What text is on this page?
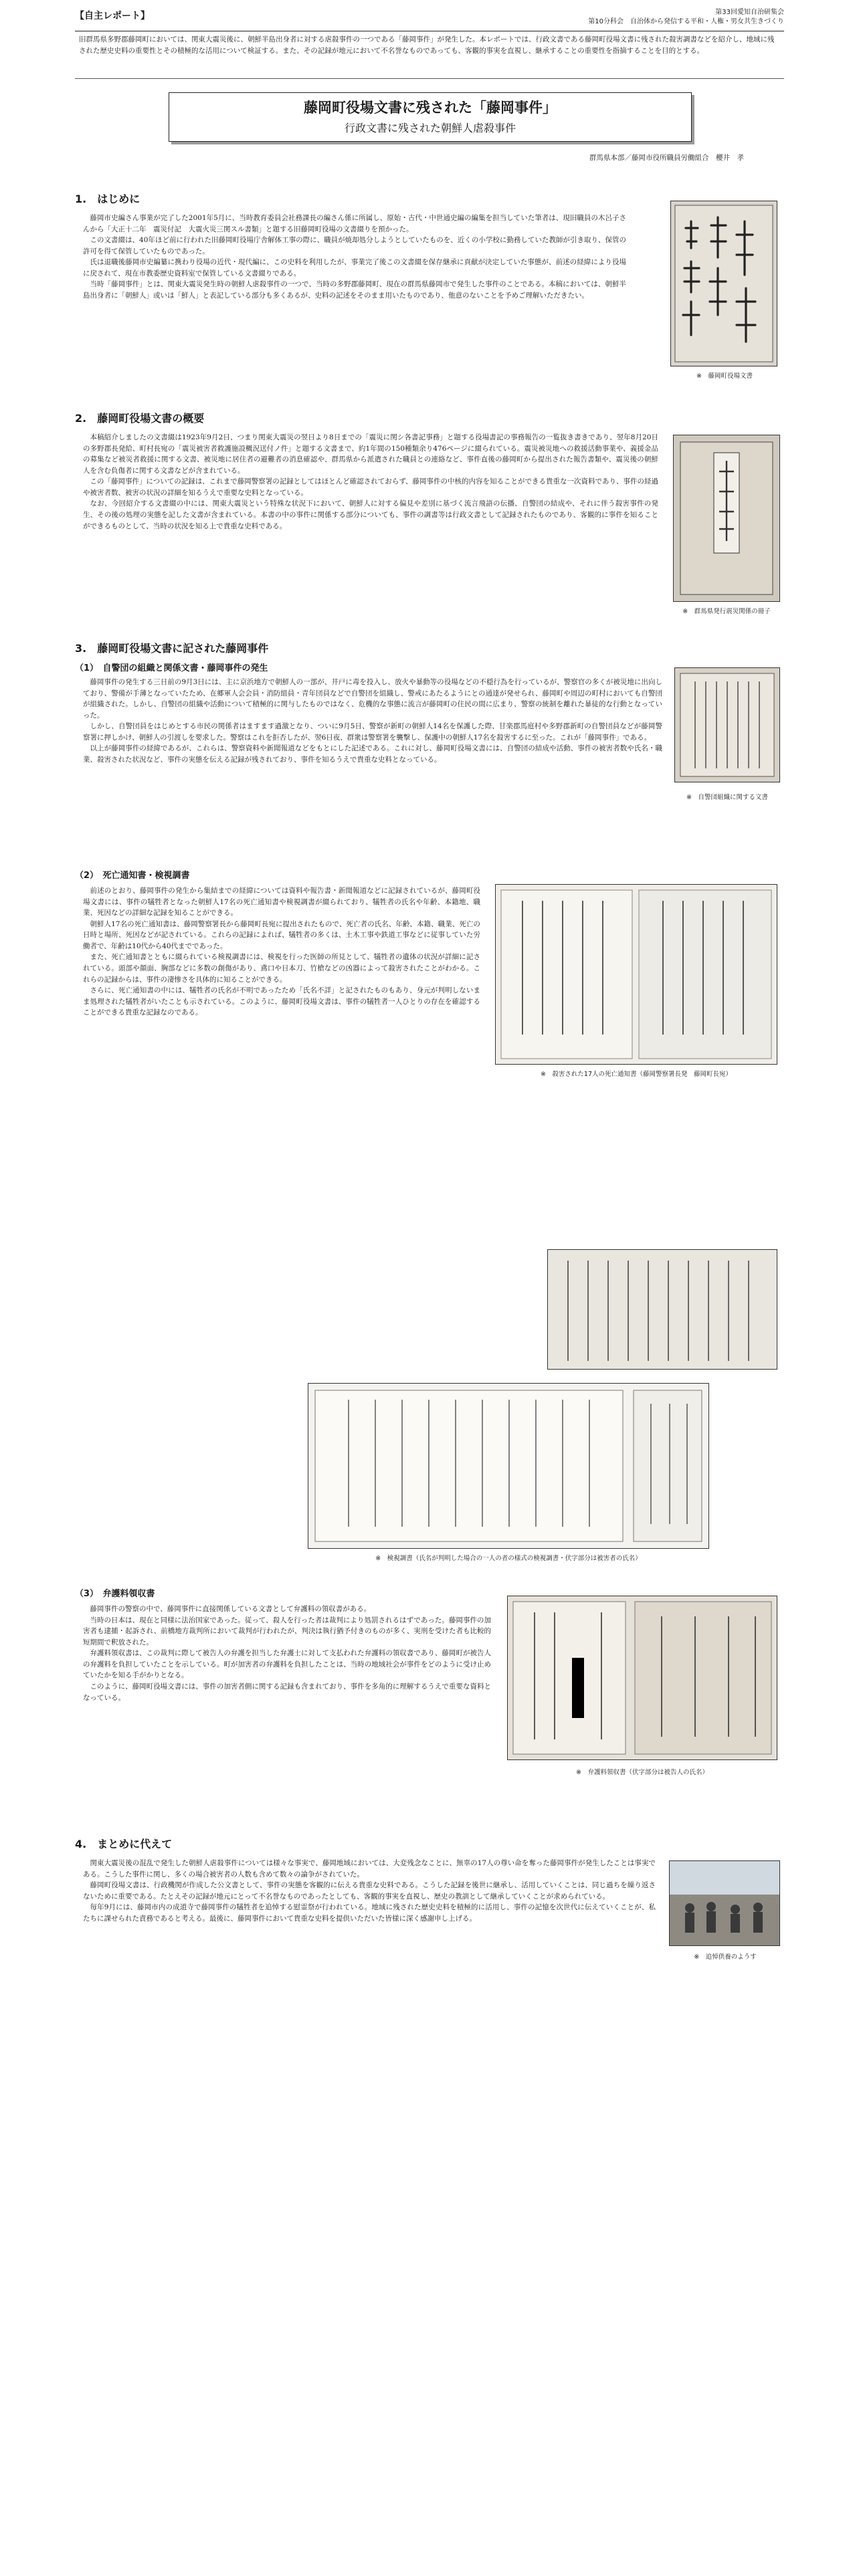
【自主レポート】	第33回愛知自治研集会
第10分科会　自治体から発信する平和・人権・男女共生きづくり
旧群馬県多野郡藤岡町においては、関東大震災後に、朝鮮半島出身者に対する虐殺事件の一つである「藤岡事件」が発生した。本レポートでは、行政文書である藤岡町役場文書に残された殺害調書などを紹介し、地域に残された歴史史料の重要性とその積極的な活用について検証する。また、その記録が地元において不名誉なものであっても、客観的事実を直視し、継承することの重要性を指摘することを目的とする。
藤岡町役場文書に残された「藤岡事件」
行政文書に残された朝鮮人虐殺事件
群馬県本部／藤岡市役所職員労働組合　櫻井　孝
1.　はじめに

藤岡市史編さん事業が完了した2001年5月に、当時教育委員会社務課長の編さん係に所属し、原始・古代・中世通史編の編集を担当していた筆者は、現旧職員の木呂子さんから「大正十二年　震災付記　大震火災三関スル書類」と題する旧藤岡町役場の文書綴りを預かった。

この文書綴は、40年ほど前に行われた旧藤岡町役場庁舎解体工事の際に、職員が焼却処分しようとしていたものを、近くの小学校に勤務していた教師が引き取り、保管の許可を得て保管していたものであった。

氏は退職後藤岡市史編纂に携わり役場の近代・現代編に、この史料を利用したが、事業完了後この文書綴を保存継承に貢献が決定していた事態が、前述の経緯により役場に戻されて、現在市教委歴史資料室で保管している文書綴りである。

当時「藤岡事件」とは、関東大震災発生時の朝鮮人虐殺事件の一つで、当時の多野郡藤岡町、現在の群馬県藤岡市で発生した事件のことである。本稿においては、朝鮮半島出身者に「朝鮮人」或いは「鮮人」と表記している部分も多くあるが、史料の記述をそのまま用いたものであり、他意のないことを予めご理解いただきたい。

※　藤岡町役場文書
2.　藤岡町役場文書の概要

本稿紹介しましたの文書綴は1923年9月2日、つまり関東大震災の翌日より8日までの「震災に関シ各書記事務」と題する役場書記の事務報告の一覧抜き書きであり、翌年8月20日の多野郡長発給、町村長宛の「震災被害者救護施設概況送付ノ件」と題する文書まで、約1年間の150種類余り476ページに綴られている。震災被災地への救援活動事業や、義援金品の募集など被災者救援に関する文書、被災地に居住者の避難者の消息確認や、群馬県から派遣された職員との連絡など、事件直後の藤岡町から提出された報告書類や、震災後の朝鮮人を含む負傷者に関する文書などが含まれている。

この「藤岡事件」についての記録は、これまで藤岡警察署の記録としてはほとんど確認されておらず、藤岡事件の中核的内容を知ることができる貴重な一次資料であり、事件の経過や被害者数、被害の状況の詳細を知るうえで重要な史料となっている。

なお、今回紹介する文書綴の中には、関東大震災という特殊な状況下において、朝鮮人に対する偏見や差別に基づく流言飛語の伝播、自警団の結成や、それに伴う殺害事件の発生、その後の処理の実態を記した文書が含まれている。本書の中の事件に関係する部分についても、事件の調書等は行政文書として記録されたものであり、客観的に事件を知ることができるものとして、当時の状況を知る上で貴重な史料である。

※　群馬県発行震災関係の冊子
3.　藤岡町役場文書に記された藤岡事件
（1）　自警団の組織と関係文書・藤岡事件の発生

藤岡事件の発生する三日前の9月3日には、主に京浜地方で朝鮮人の一部が、井戸に毒を投入し、放火や暴動等の役場などの不穏行為を行っているが、警察官の多くが被災地に出向しており、警備が手薄となっていたため、在郷軍人会会員・消防組員・青年団員などで自警団を組織し、警戒にあたるようにとの通達が発せられ、藤岡町や周辺の町村においても自警団が組織された。しかし、自警団の組織や活動について積極的に関与したものではなく、危機的な事態に流言が藤岡町の住民の間に広まり、警察の統制を離れた暴徒的な行動となっていった。

しかし、自警団員をはじめとする市民の関係者はますます過激となり、ついに9月5日、警察が新町の朝鮮人14名を保護した際、甘楽郡馬庭村や多野郡新町の自警団員などが藤岡警察署に押しかけ、朝鮮人の引渡しを要求した。警察はこれを拒否したが、翌6日夜、群衆は警察署を襲撃し、保護中の朝鮮人17名を殺害するに至った。これが「藤岡事件」である。

以上が藤岡事件の経緯であるが、これらは、警察資料や新聞報道などをもとにした記述である。これに対し、藤岡町役場文書には、自警団の結成や活動、事件の被害者数や氏名・職業、殺害された状況など、事件の実態を伝える記録が残されており、事件を知るうえで貴重な史料となっている。

※　自警団組織に関する文書
（2）　死亡通知書・検視調書

前述のとおり、藤岡事件の発生から集結までの経緯については資料や報告書・新聞報道などに記録されているが、藤岡町役場文書には、事件の犠牲者となった朝鮮人17名の死亡通知書や検視調書が綴られており、犠牲者の氏名や年齢、本籍地、職業、死因などの詳細な記録を知ることができる。

朝鮮人17名の死亡通知書は、藤岡警察署長から藤岡町長宛に提出されたもので、死亡者の氏名、年齢、本籍、職業、死亡の日時と場所、死因などが記されている。これらの記録によれば、犠牲者の多くは、土木工事や鉄道工事などに従事していた労働者で、年齢は10代から40代までであった。

また、死亡通知書とともに綴られている検視調書には、検視を行った医師の所見として、犠牲者の遺体の状況が詳細に記されている。頭部や顔面、胸部などに多数の創傷があり、鳶口や日本刀、竹槍などの凶器によって殺害されたことがわかる。これらの記録からは、事件の凄惨さを具体的に知ることができる。

さらに、死亡通知書の中には、犠牲者の氏名が不明であったため「氏名不詳」と記されたものもあり、身元が判明しないまま処理された犠牲者がいたことも示されている。このように、藤岡町役場文書は、事件の犠牲者一人ひとりの存在を確認することができる貴重な記録なのである。

※　殺害された17人の死亡通知書（藤岡警察署長発　藤岡町長宛）
※　検視調書（氏名が判明した場合の一人の者の様式の検視調書・伏字部分は被害者の氏名）
（3）　弁護料領収書

藤岡事件の警察の中で、藤岡事件に直接関係している文書として弁護料の領収書がある。

当時の日本は、現在と同様に法治国家であった。従って、殺人を行った者は裁判により処罰されるはずであった。藤岡事件の加害者も逮捕・起訴され、前橋地方裁判所において裁判が行われたが、判決は執行猶予付きのものが多く、実刑を受けた者も比較的短期間で釈放された。

弁護料領収書は、この裁判に際して被告人の弁護を担当した弁護士に対して支払われた弁護料の領収書であり、藤岡町が被告人の弁護料を負担していたことを示している。町が加害者の弁護料を負担したことは、当時の地域社会が事件をどのように受け止めていたかを知る手がかりとなる。

このように、藤岡町役場文書には、事件の加害者側に関する記録も含まれており、事件を多角的に理解するうえで重要な資料となっている。

※　弁護料領収書（伏字部分は被告人の氏名）
4.　まとめに代えて

関東大震災後の混乱で発生した朝鮮人虐殺事件については様々な事実で、藤岡地域においては、大変残念なことに、無辜の17人の尊い命を奪った藤岡事件が発生したことは事実である。こうした事件に関し、多くの場合被害者の人数も含めて数々の論争がされていた。

藤岡町役場文書は、行政機関が作成した公文書として、事件の実態を客観的に伝える貴重な史料である。こうした記録を後世に継承し、活用していくことは、同じ過ちを繰り返さないために重要である。たとえその記録が地元にとって不名誉なものであったとしても、客観的事実を直視し、歴史の教訓として継承していくことが求められている。

毎年9月には、藤岡市内の成道寺で藤岡事件の犠牲者を追悼する慰霊祭が行われている。地域に残された歴史史料を積極的に活用し、事件の記憶を次世代に伝えていくことが、私たちに課せられた責務であると考える。最後に、藤岡事件において貴重な史料を提供いただいた皆様に深く感謝申し上げる。

※　追悼供養のようす
